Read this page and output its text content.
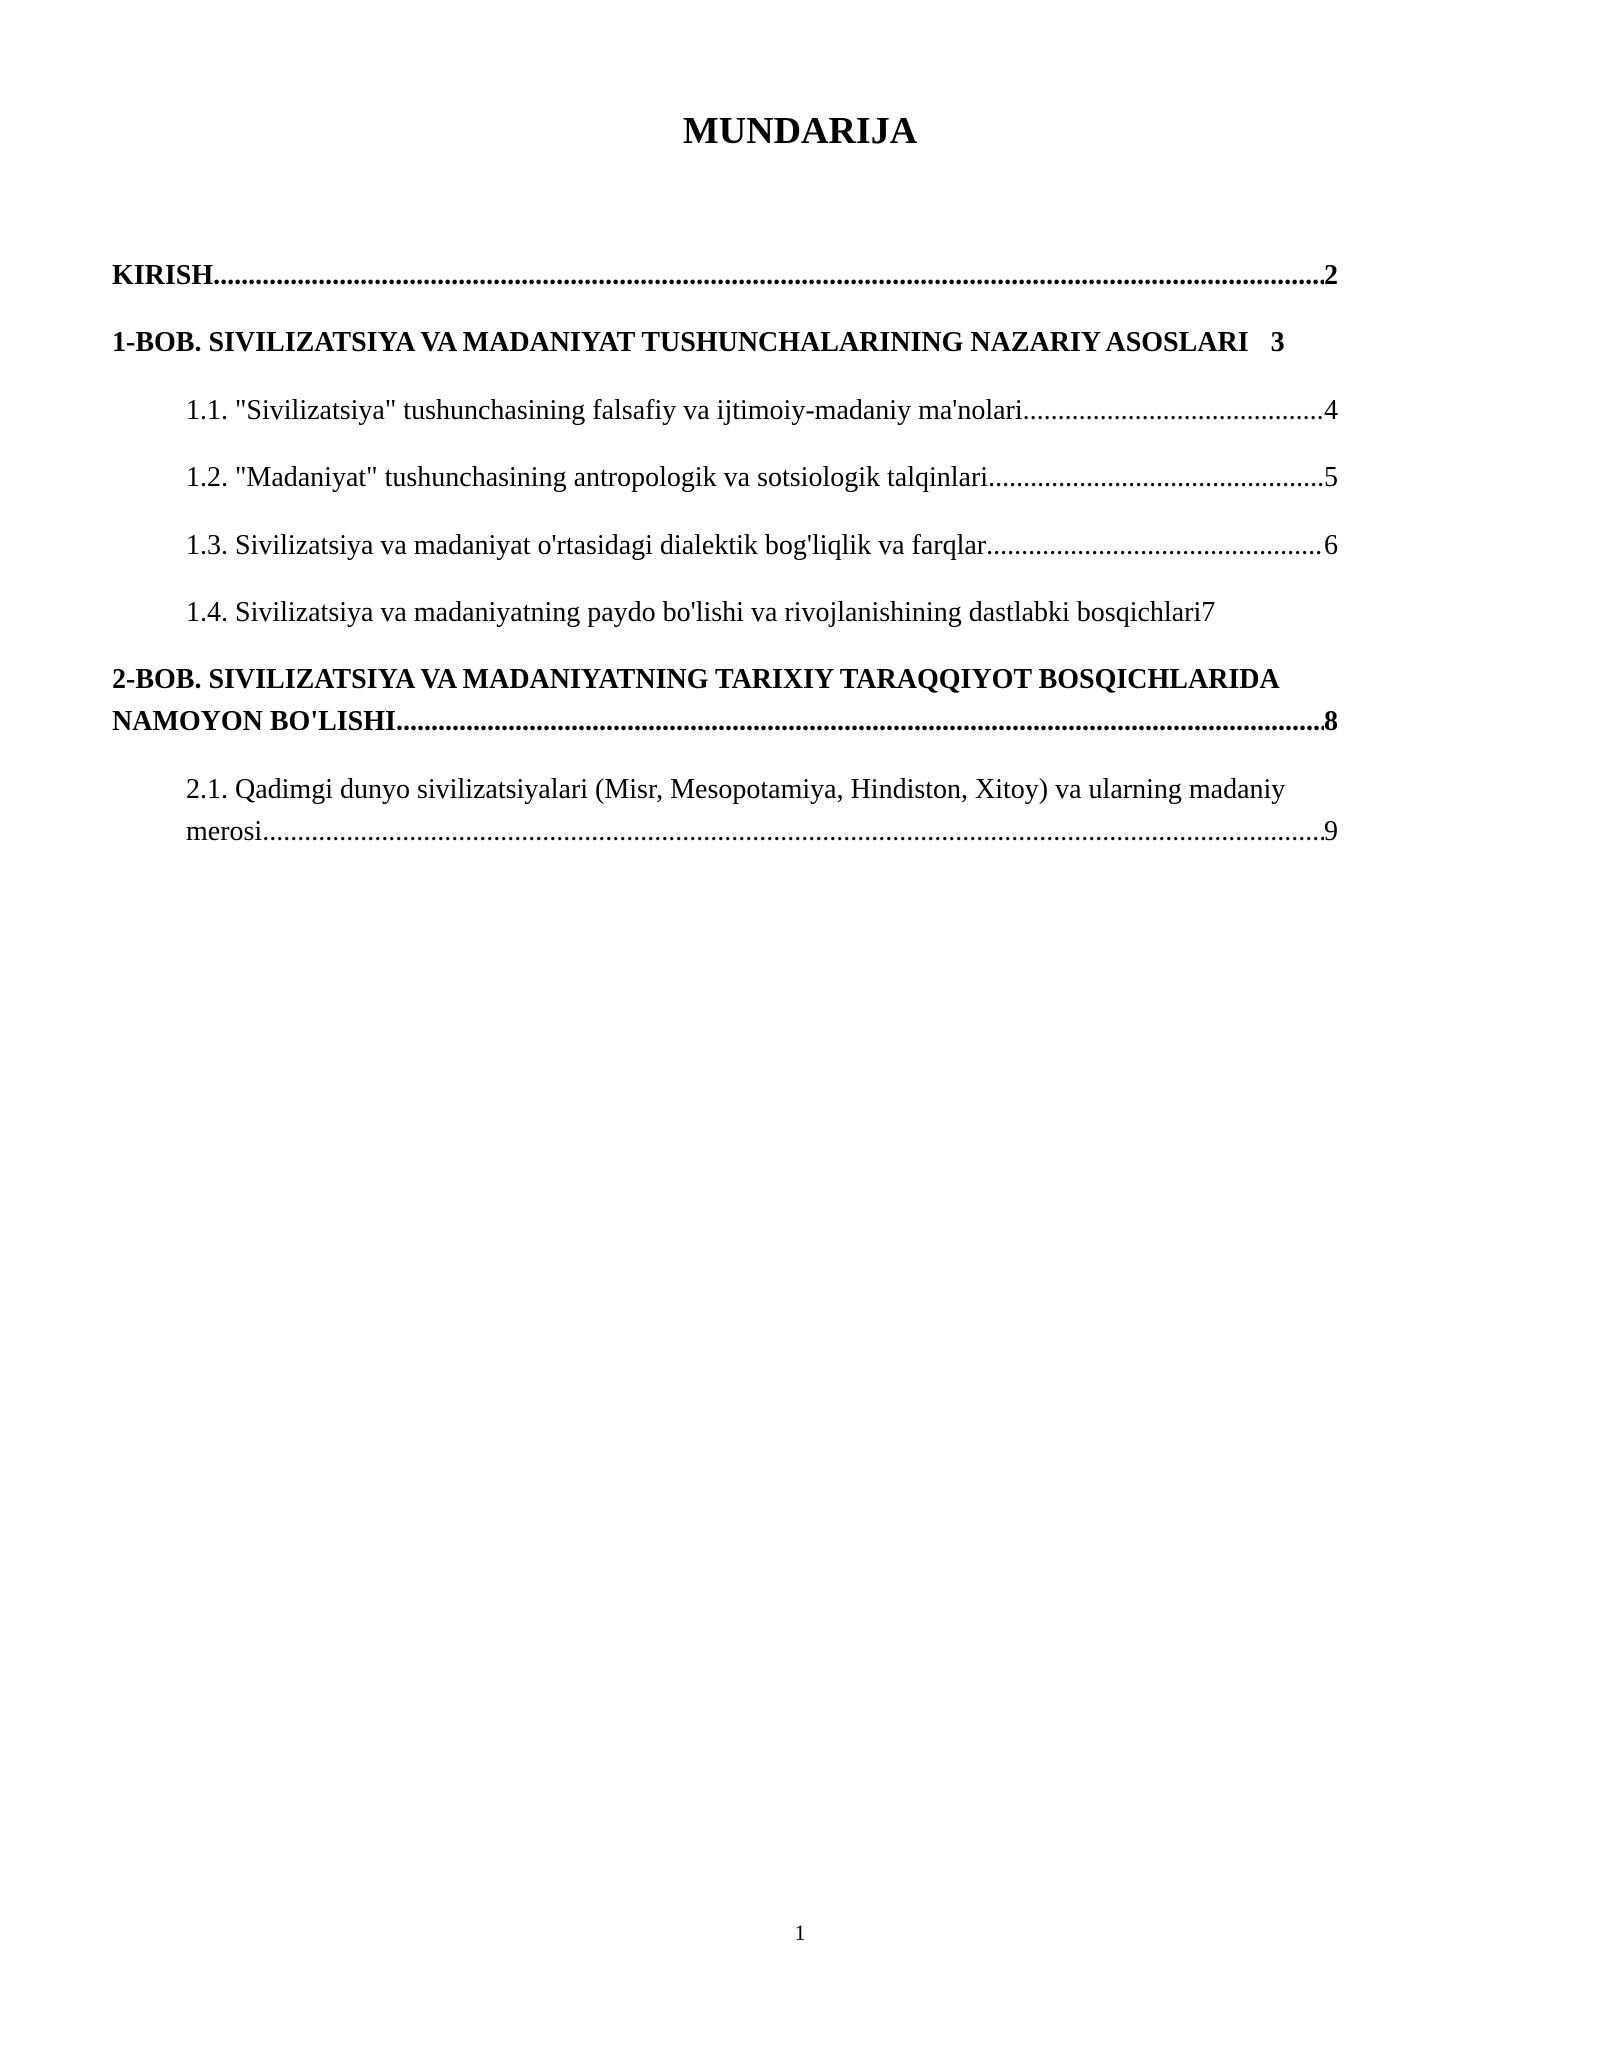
MUNDARIJA
KIRISH .....	2
1-BOB. SIVILIZATSIYA VA MADANIYAT TUSHUNCHALARINING NAZARIY ASOSLARI 3
1.1. "Sivilizatsiya" tushunchasining falsafiy va ijtimoiy-madaniy ma'nolari .....	4
1.2. "Madaniyat" tushunchasining antropologik va sotsiologik talqinlari .....	5
1.3. Sivilizatsiya va madaniyat o'rtasidagi dialektik bog'liqlik va farqlar .....	6
1.4. Sivilizatsiya va madaniyatning paydo bo'lishi va rivojlanishining dastlabki bosqichlari 7
2-BOB. SIVILIZATSIYA VA MADANIYATNING TARIXIY TARAQQIYOT BOSQICHLARIDA
NAMOYON BO'LISHI .....	8
2.1. Qadimgi dunyo sivilizatsiyalari (Misr, Mesopotamiya, Hindiston, Xitoy) va ularning madaniy
merosi .....	9
1
